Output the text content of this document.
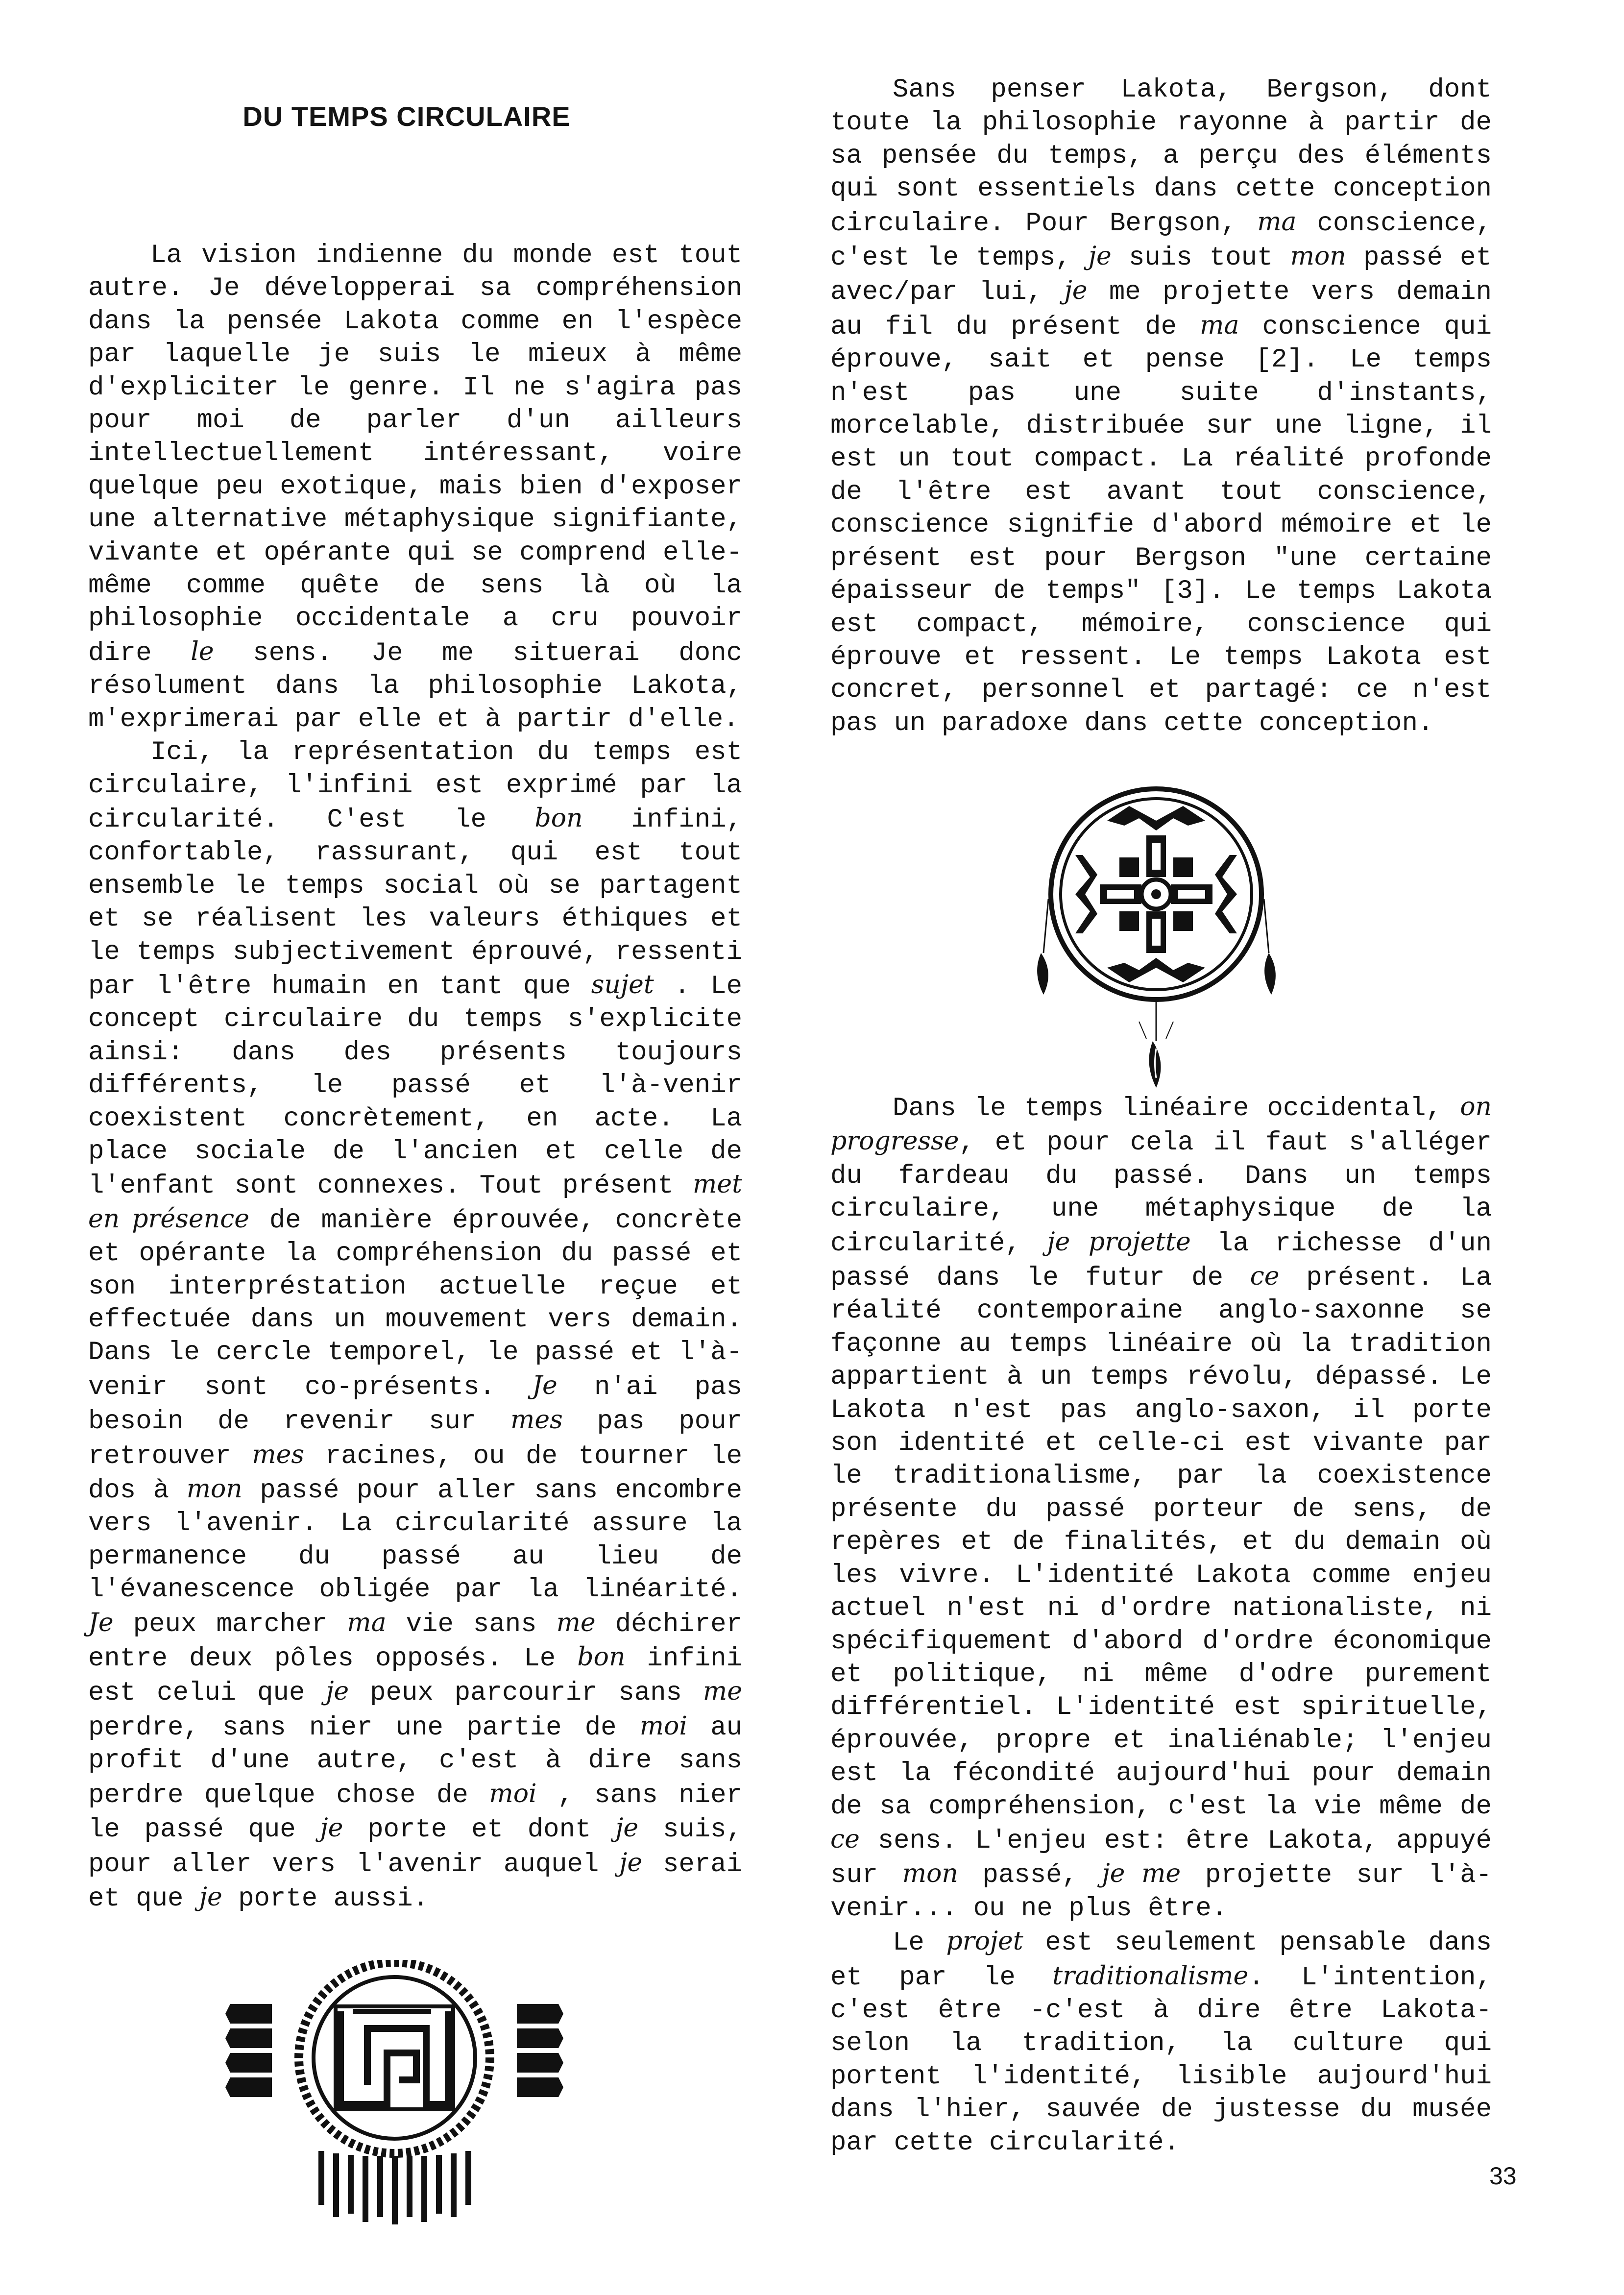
DU TEMPS CIRCULAIRE

La vision indienne du monde est tout autre. Je développerai sa compréhension dans la pensée Lakota comme en l'espèce par laquelle je suis le mieux à même d'expliciter le genre. Il ne s'agira pas pour moi de parler d'un ailleurs intellectuellement intéressant, voire quelque peu exotique, mais bien d'exposer une alternative métaphysique signifiante, vivante et opérante qui se comprend elle-même comme quête de sens là où la philosophie occidentale a cru pouvoir dire le sens. Je me situerai donc résolument dans la philosophie Lakota, m'exprimerai par elle et à partir d'elle.

Ici, la représentation du temps est circulaire, l'infini est exprimé par la circularité. C'est le bon infini, confortable, rassurant, qui est tout ensemble le temps social où se partagent et se réalisent les valeurs éthiques et le temps subjectivement éprouvé, ressenti par l'être humain en tant que sujet . Le concept circulaire du temps s'explicite ainsi: dans des présents toujours différents, le passé et l'à-venir coexistent concrètement, en acte. La place sociale de l'ancien et celle de l'enfant sont connexes. Tout présent met en présence de manière éprouvée, concrète et opérante la compréhension du passé et son interpréstation actuelle reçue et effectuée dans un mouvement vers demain. Dans le cercle temporel, le passé et l'à-venir sont co-présents. Je n'ai pas besoin de revenir sur mes pas pour retrouver mes racines, ou de tourner le dos à mon passé pour aller sans encombre vers l'avenir. La circularité assure la permanence du passé au lieu de l'évanescence obligée par la linéarité. Je peux marcher ma vie sans me déchirer entre deux pôles opposés. Le bon infini est celui que je peux parcourir sans me perdre, sans nier une partie de moi au profit d'une autre, c'est à dire sans perdre quelque chose de moi , sans nier le passé que je porte et dont je suis, pour aller vers l'avenir auquel je serai et que je porte aussi.

Sans penser Lakota, Bergson, dont toute la philosophie rayonne à partir de sa pensée du temps, a perçu des éléments qui sont essentiels dans cette conception circulaire. Pour Bergson, ma conscience, c'est le temps, je suis tout mon passé et avec/par lui, je me projette vers demain au fil du présent de ma conscience qui éprouve, sait et pense [2]. Le temps n'est pas une suite d'instants, morcelable, distribuée sur une ligne, il est un tout compact. La réalité profonde de l'être est avant tout conscience, conscience signifie d'abord mémoire et le présent est pour Bergson "une certaine épaisseur de temps" [3]. Le temps Lakota est compact, mémoire, conscience qui éprouve et ressent. Le temps Lakota est concret, personnel et partagé: ce n'est pas un paradoxe dans cette conception.

Dans le temps linéaire occidental, on progresse, et pour cela il faut s'alléger du fardeau du passé. Dans un temps circulaire, une métaphysique de la circularité, je projette la richesse d'un passé dans le futur de ce présent. La réalité contemporaine anglo-saxonne se façonne au temps linéaire où la tradition appartient à un temps révolu, dépassé. Le Lakota n'est pas anglo-saxon, il porte son identité et celle-ci est vivante par le traditionalisme, par la coexistence présente du passé porteur de sens, de repères et de finalités, et du demain où les vivre. L'identité Lakota comme enjeu actuel n'est ni d'ordre nationaliste, ni spécifiquement d'abord d'ordre économique et politique, ni même d'odre purement différentiel. L'identité est spirituelle, éprouvée, propre et inaliénable; l'enjeu est la fécondité aujourd'hui pour demain de sa compréhension, c'est la vie même de ce sens. L'enjeu est: être Lakota, appuyé sur mon passé, je me projette sur l'à-venir... ou ne plus être.

Le projet est seulement pensable dans et par le traditionalisme. L'intention, c'est être -c'est à dire être Lakota- selon la tradition, la culture qui portent l'identité, lisible aujourd'hui dans l'hier, sauvée de justesse du musée par cette circularité.

33
